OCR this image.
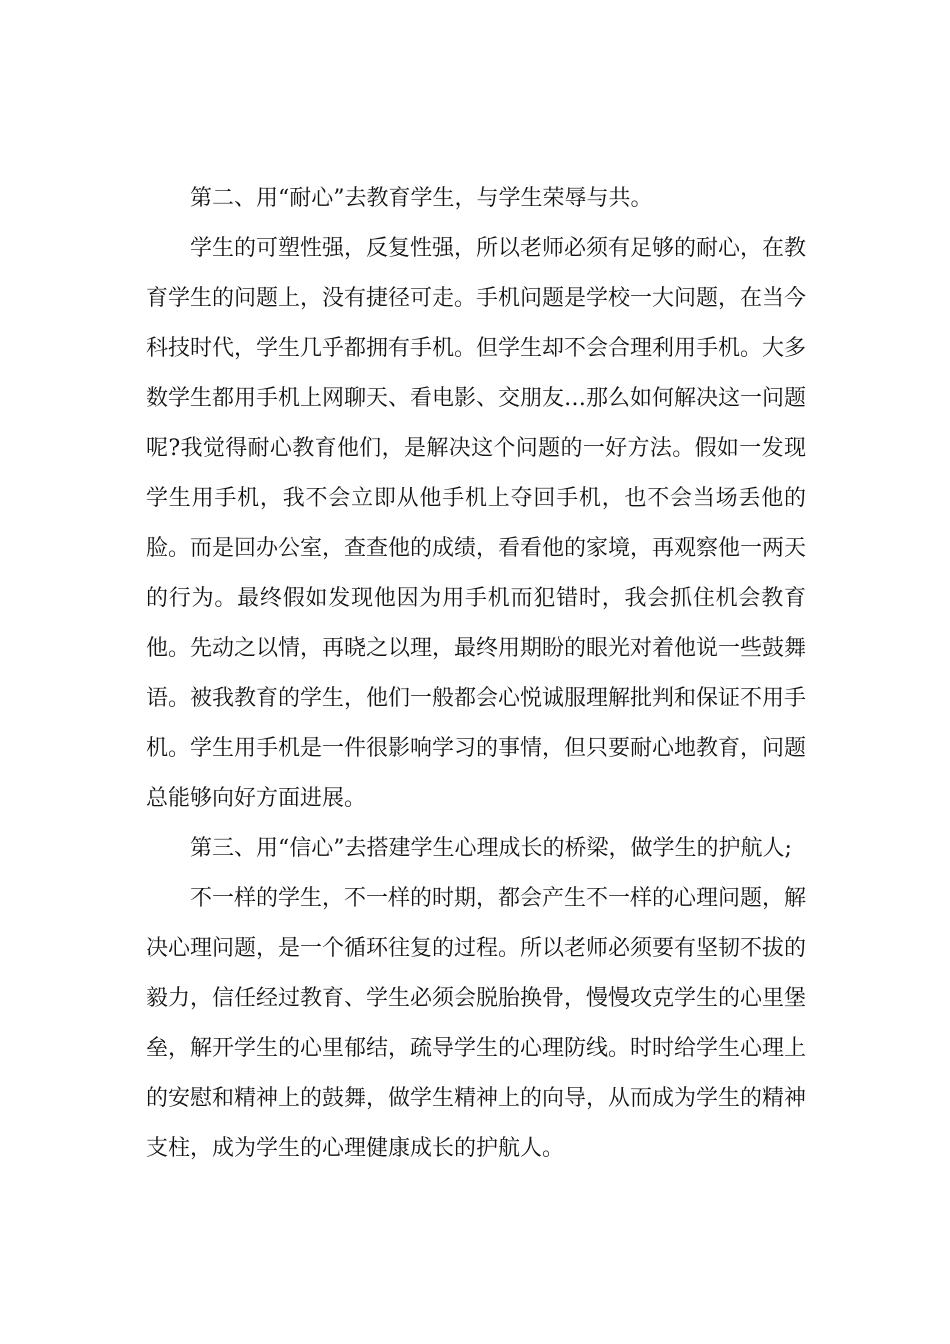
第二、用“耐心”去教育学生，与学生荣辱与共。

学生的可塑性强，反复性强，所以老师必须有足够的耐心，在教育学生的问题上，没有捷径可走。手机问题是学校一大问题，在当今科技时代，学生几乎都拥有手机。但学生却不会合理利用手机。大多数学生都用手机上网聊天、看电影、交朋友…那么如何解决这一问题呢?我觉得耐心教育他们，是解决这个问题的一好方法。假如一发现学生用手机，我不会立即从他手机上夺回手机，也不会当场丢他的脸。而是回办公室，查查他的成绩，看看他的家境，再观察他一两天的行为。最终假如发现他因为用手机而犯错时，我会抓住机会教育他。先动之以情，再晓之以理，最终用期盼的眼光对着他说一些鼓舞语。被我教育的学生，他们一般都会心悦诚服理解批判和保证不用手机。学生用手机是一件很影响学习的事情，但只要耐心地教育，问题总能够向好方面进展。

第三、用“信心”去搭建学生心理成长的桥梁，做学生的护航人;

不一样的学生，不一样的时期，都会产生不一样的心理问题，解决心理问题，是一个循环往复的过程。所以老师必须要有坚韧不拔的毅力，信任经过教育、学生必须会脱胎换骨，慢慢攻克学生的心里堡垒，解开学生的心里郁结，疏导学生的心理防线。时时给学生心理上的安慰和精神上的鼓舞，做学生精神上的向导，从而成为学生的精神支柱，成为学生的心理健康成长的护航人。
